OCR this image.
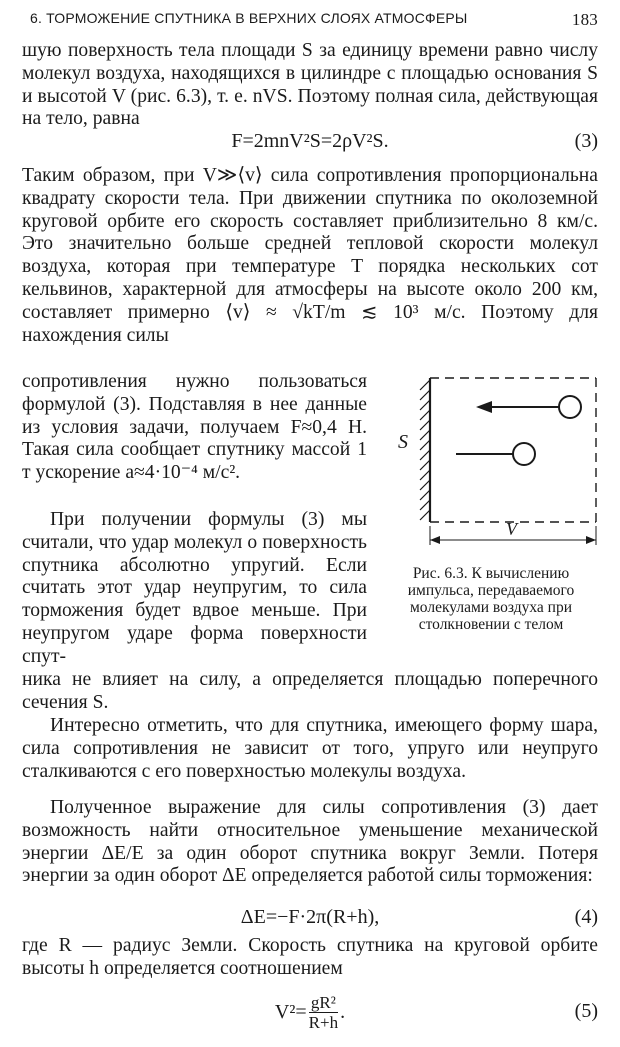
6. ТОРМОЖЕНИЕ СПУТНИКА В ВЕРХНИХ СЛОЯХ АТМОСФЕРЫ	183

шую поверхность тела площади S за единицу времени равно числу молекул воздуха, находящихся в цилиндре с площадью основания S и высотой V (рис. 6.3), т. е. nVS. Поэтому полная сила, действующая на тело, равна

F=2mnV²S=2ρV²S.	(3)

Таким образом, при V≫⟨v⟩ сила сопротивления пропорциональна квадрату скорости тела. При движении спутника по околоземной круговой орбите его скорость составляет приблизительно 8 км/с. Это значительно больше средней тепловой скорости молекул воздуха, которая при температуре T порядка нескольких сот кельвинов, характерной для атмосферы на высоте около 200 км, составляет примерно ⟨v⟩ ≈ √kT/m ≲ 10³ м/с. Поэтому для нахождения силы

сопротивления нужно пользоваться формулой (3). Подставляя в нее данные из условия задачи, получаем F≈0,4 Н. Такая сила сообщает спутнику массой 1 т ускорение a≈4·10⁻⁴ м/с².

При получении формулы (3) мы считали, что удар молекул о поверхность спутника абсолютно упругий. Если считать этот удар неупругим, то сила торможения будет вдвое меньше. При неупругом ударе форма поверхности спут-

ника не влияет на силу, а определяется площадью поперечного сечения S.

Интересно отметить, что для спутника, имеющего форму шара, сила сопротивления не зависит от того, упруго или неупруго сталкиваются с его поверхностью молекулы воздуха.

Полученное выражение для силы сопротивления (3) дает возможность найти относительное уменьшение механической энергии ΔE/E за один оборот спутника вокруг Земли. Потеря энергии за один оборот ΔE определяется работой силы торможения:

ΔE=−F·2π(R+h),	(4)

где R — радиус Земли. Скорость спутника на круговой орбите высоты h определяется соотношением

$V^2= \frac{\text{gR²}}{R+h}$ .	(5)
S
V
Рис. 6.3. К вычислению импульса, передаваемого молекулами воздуха при столкновении с телом
